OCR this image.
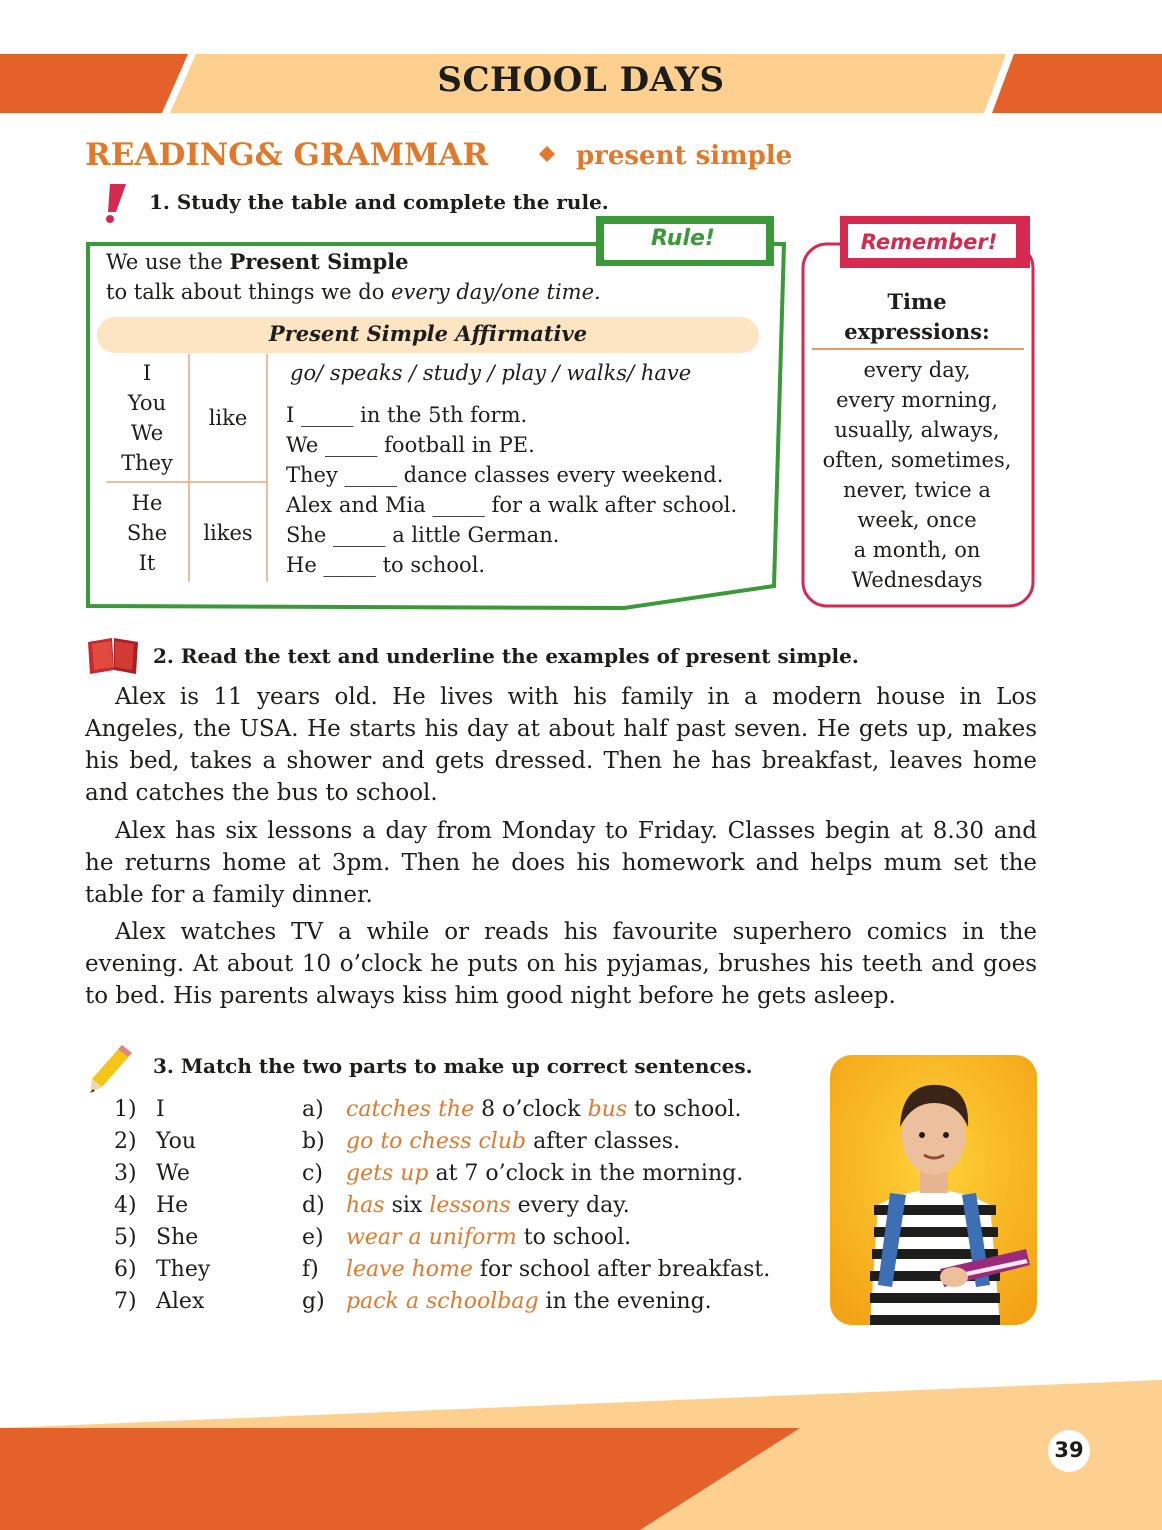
SCHOOL DAYS
READING& GRAMMAR	present simple
1. Study the table and complete the rule.
Rule!
We use the Present Simple
to talk about things we do every day/one time.
Present Simple Affirmative
I
You
We
They
like
He
She
It
likes
go/ speaks / study / play / walks/ have
I _____ in the 5th form.
We _____ football in PE.
They _____ dance classes every weekend.
Alex and Mia _____ for a walk after school.
She _____ a little German.
He _____ to school.
Remember!
Time
expressions:
every day,
every morning,
usually, always,
often, sometimes,
never, twice a
week, once
a month, on
Wednesdays
2. Read the text and underline the examples of present simple.
Alex is 11 years old. He lives with his family in a modern house in Los Angeles, the USA. He starts his day at about half past seven. He gets up, makes his bed, takes a shower and gets dressed. Then he has breakfast, leaves home and catches the bus to school.
Alex has six lessons a day from Monday to Friday. Classes begin at 8.30 and he returns home at 3pm. Then he does his homework and helps mum set the table for a family dinner.
Alex watches TV a while or reads his favourite superhero comics in the evening. At about 10 o’clock he puts on his pyjamas, brushes his teeth and goes to bed. His parents always kiss him good night before he gets asleep.
3. Match the two parts to make up correct sentences.
1) I
2) You
3) We
4) He
5) She
6) They
7) Alex
a) catches the 8 o’clock bus to school.
b) go to chess club after classes.
c) gets up at 7 o’clock in the morning.
d) has six lessons every day.
e) wear a uniform to school.
f) leave home for school after breakfast.
g) pack a schoolbag in the evening.
39
